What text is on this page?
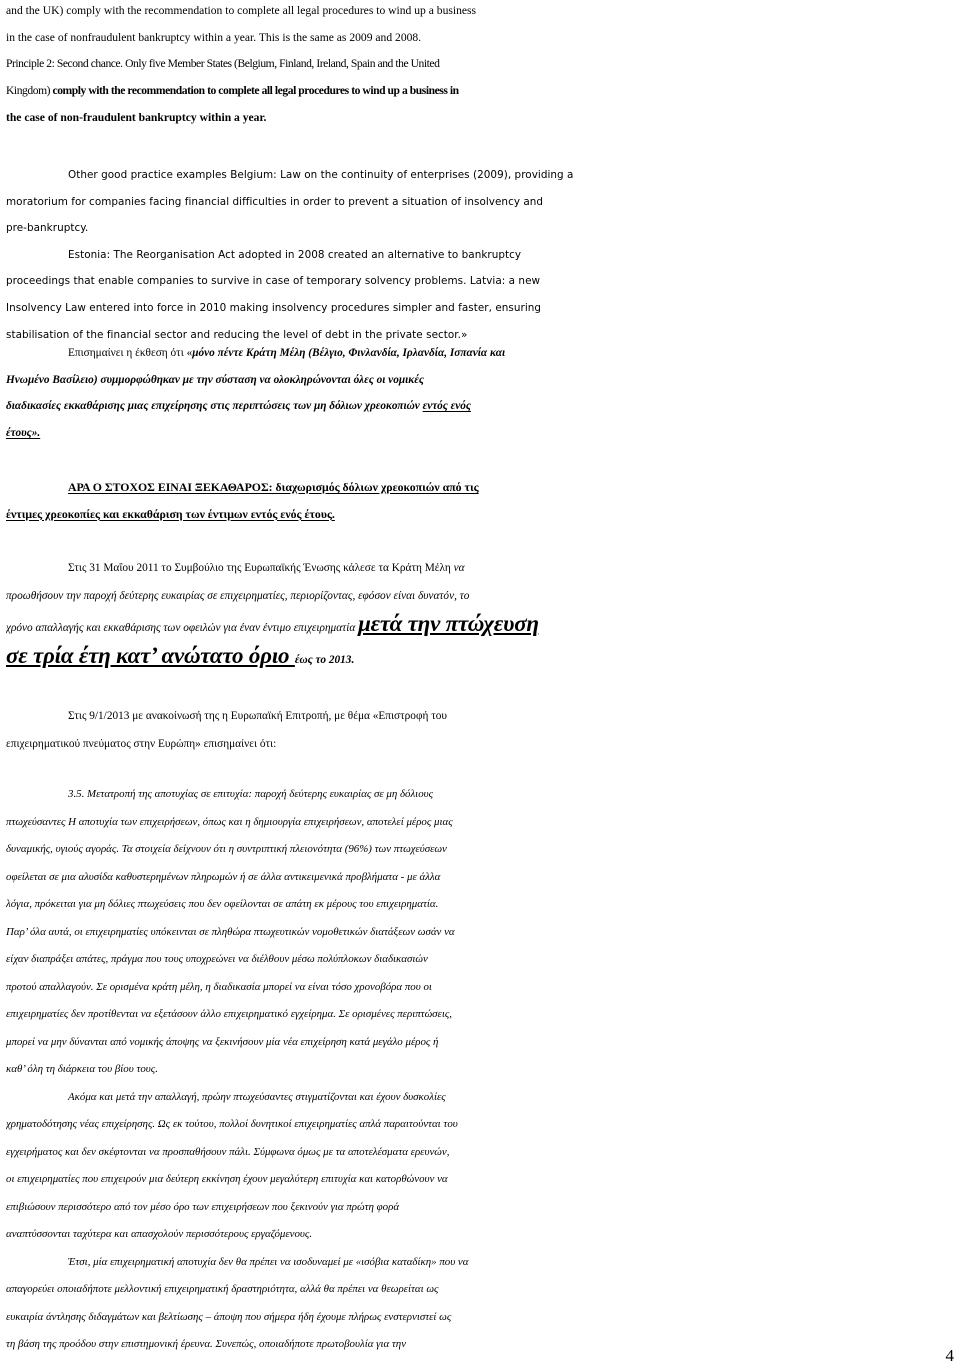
and the UK) comply with the recommendation to complete all legal procedures to wind up a business
in the case of nonfraudulent bankruptcy within a year. This is the same as 2009 and 2008.
Principle 2: Second chance. Only five Member States (Belgium, Finland, Ireland, Spain and the United
Kingdom) comply with the recommendation to complete all legal procedures to wind up a business in
the case of non-fraudulent bankruptcy within a year.
Other good practice examples Belgium: Law on the continuity of enterprises (2009), providing a
moratorium for companies facing financial difficulties in order to prevent a situation of insolvency and
pre-bankruptcy.
Estonia: The Reorganisation Act adopted in 2008 created an alternative to bankruptcy
proceedings that enable companies to survive in case of temporary solvency problems. Latvia: a new
Insolvency Law entered into force in 2010 making insolvency procedures simpler and faster, ensuring
stabilisation of the financial sector and reducing the level of debt in the private sector.»
Επισημαίνει η έκθεση ότι «μόνο πέντε Κράτη Μέλη (Βέλγιο, Φινλανδία, Ιρλανδία, Ισπανία και
Ηνωμένο Βασίλειο) συμμορφώθηκαν με την σύσταση να ολοκληρώνονται όλες οι νομικές
διαδικασίες εκκαθάρισης μιας επιχείρησης στις περιπτώσεις των μη δόλιων χρεοκοπιών εντός ενός
έτους».
ΑΡΑ Ο ΣΤΟΧΟΣ ΕΙΝΑΙ ΞΕΚΑΘΑΡΟΣ: διαχωρισμός δόλιων χρεοκοπιών από τις
έντιμες χρεοκοπίες και εκκαθάριση των έντιμων εντός ενός έτους.
Στις 31 Μαΐου 2011 το Συμβούλιο της Ευρωπαϊκής Ένωσης κάλεσε τα Κράτη Μέλη να
προωθήσουν την παροχή δεύτερης ευκαιρίας σε επιχειρηματίες, περιορίζοντας, εφόσον είναι δυνατόν, το
χρόνο απαλλαγής και εκκαθάρισης των οφειλών για έναν έντιμο επιχειρηματία μετά την πτώχευση
σε τρία έτη κατ’ ανώτατο όριο έως το 2013.
Στις 9/1/2013 με ανακοίνωσή της η Ευρωπαϊκή Επιτροπή, με θέμα «Επιστροφή του
επιχειρηματικού πνεύματος στην Ευρώπη» επισημαίνει ότι:
3.5. Μετατροπή της αποτυχίας σε επιτυχία: παροχή δεύτερης ευκαιρίας σε μη δόλιους
πτωχεύσαντες Η αποτυχία των επιχειρήσεων, όπως και η δημιουργία επιχειρήσεων, αποτελεί μέρος μιας
δυναμικής, υγιούς αγοράς. Τα στοιχεία δείχνουν ότι η συντριπτική πλειονότητα (96%) των πτωχεύσεων
οφείλεται σε μια αλυσίδα καθυστερημένων πληρωμών ή σε άλλα αντικειμενικά προβλήματα - με άλλα
λόγια, πρόκειται για μη δόλιες πτωχεύσεις που δεν οφείλονται σε απάτη εκ μέρους του επιχειρηματία.
Παρ’ όλα αυτά, οι επιχειρηματίες υπόκεινται σε πληθώρα πτωχευτικών νομοθετικών διατάξεων ωσάν να
είχαν διαπράξει απάτες, πράγμα που τους υποχρεώνει να διέλθουν μέσω πολύπλοκων διαδικασιών
προτού απαλλαγούν. Σε ορισμένα κράτη μέλη, η διαδικασία μπορεί να είναι τόσο χρονοβόρα που οι
επιχειρηματίες δεν προτίθενται να εξετάσουν άλλο επιχειρηματικό εγχείρημα. Σε ορισμένες περιπτώσεις,
μπορεί να μην δύνανται από νομικής άποψης να ξεκινήσουν μία νέα επιχείρηση κατά μεγάλο μέρος ή
καθ’ όλη τη διάρκεια του βίου τους.
Ακόμα και μετά την απαλλαγή, πρώην πτωχεύσαντες στιγματίζονται και έχουν δυσκολίες
χρηματοδότησης νέας επιχείρησης. Ως εκ τούτου, πολλοί δυνητικοί επιχειρηματίες απλά παραιτούνται του
εγχειρήματος και δεν σκέφτονται να προσπαθήσουν πάλι. Σύμφωνα όμως με τα αποτελέσματα ερευνών,
οι επιχειρηματίες που επιχειρούν μια δεύτερη εκκίνηση έχουν μεγαλύτερη επιτυχία και κατορθώνουν να
επιβιώσουν περισσότερο από τον μέσο όρο των επιχειρήσεων που ξεκινούν για πρώτη φορά
αναπτύσσονται ταχύτερα και απασχολούν περισσότερους εργαζόμενους.
Έτσι, μία επιχειρηματική αποτυχία δεν θα πρέπει να ισοδυναμεί με «ισόβια καταδίκη» που να
απαγορεύει οποιαδήποτε μελλοντική επιχειρηματική δραστηριότητα, αλλά θα πρέπει να θεωρείται ως
ευκαιρία άντλησης διδαγμάτων και βελτίωσης – άποψη που σήμερα ήδη έχουμε πλήρως ενστερνιστεί ως
τη βάση της προόδου στην επιστημονική έρευνα. Συνεπώς, οποιαδήποτε πρωτοβουλία για την
4
